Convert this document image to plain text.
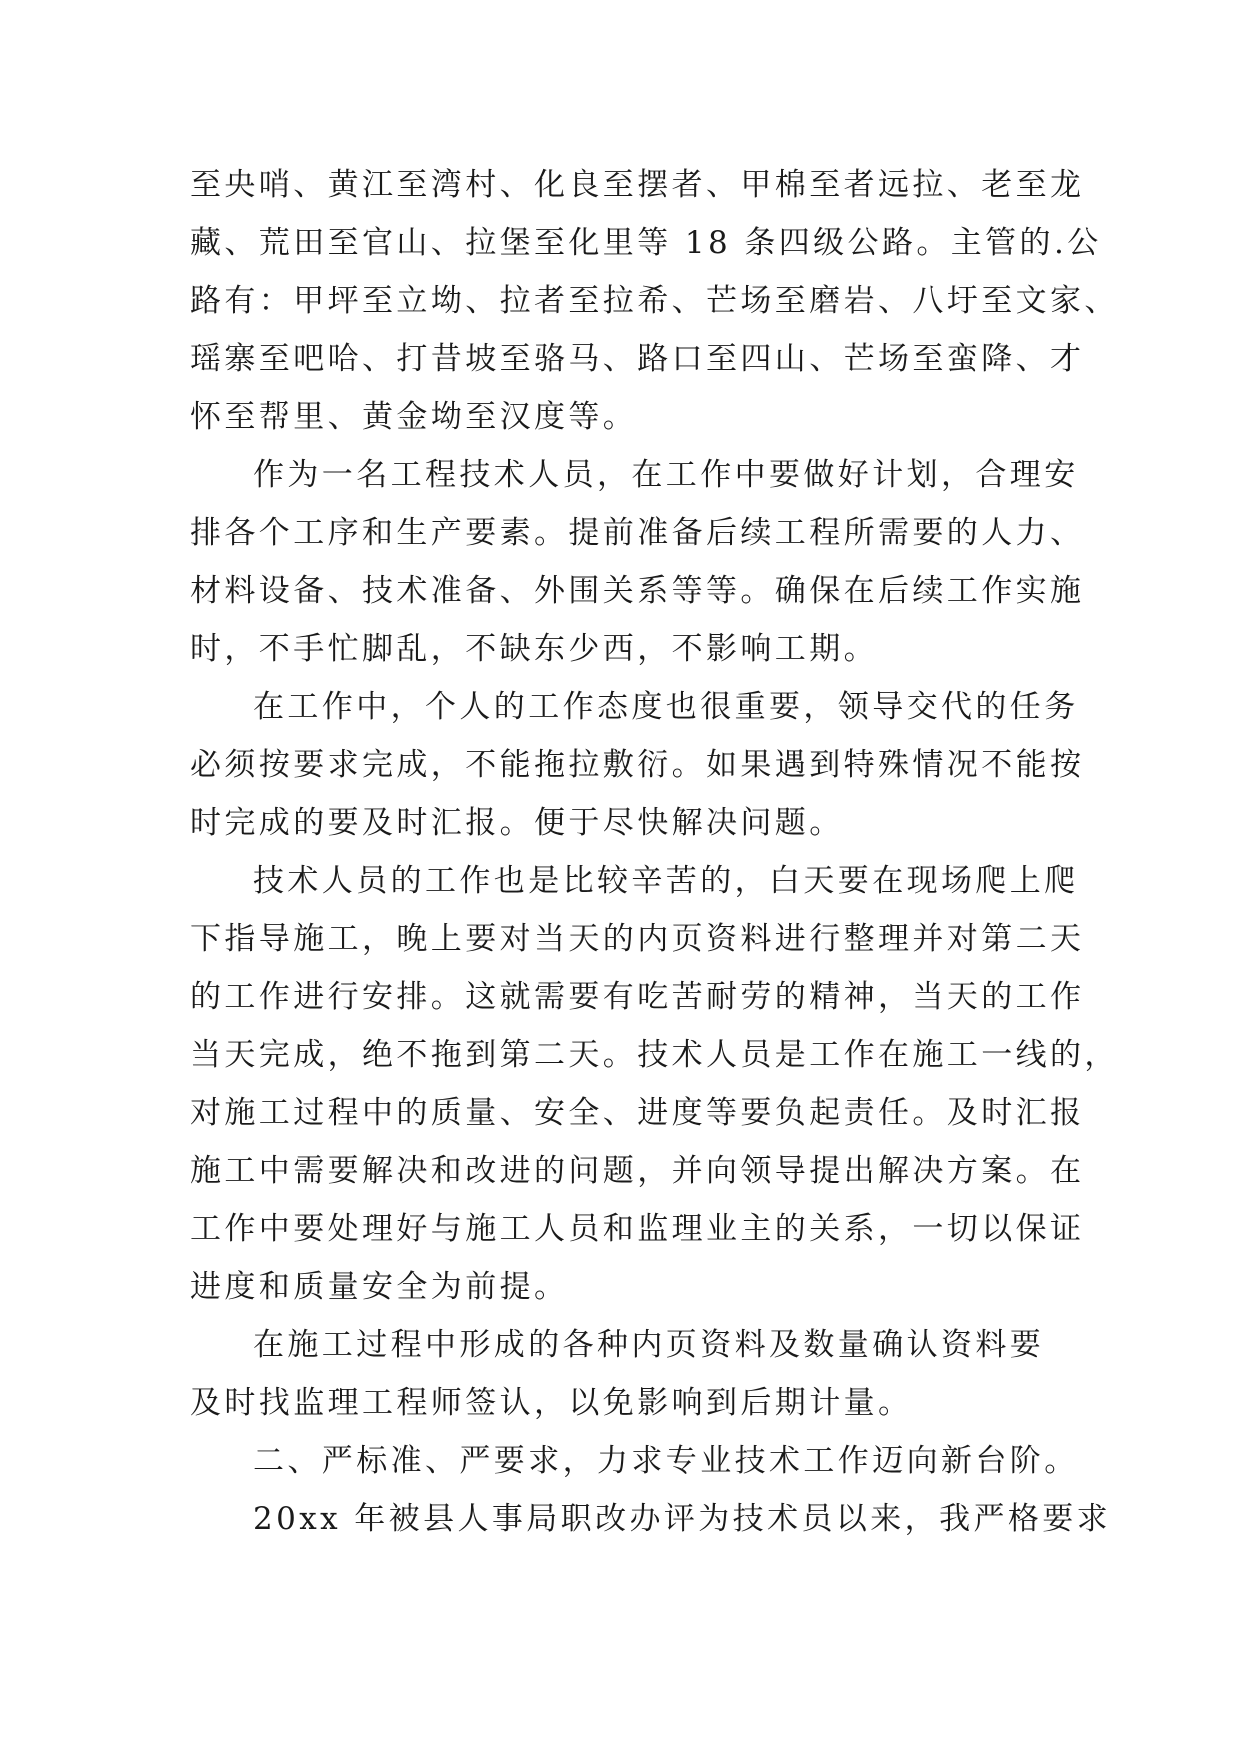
至央哨、黄江至湾村、化良至摆者、甲棉至者远拉、老至龙

藏、荒田至官山、拉堡至化里等 18 条四级公路。主管的.公

路有：甲坪至立坳、拉者至拉希、芒场至磨岩、八圩至文家、

瑶寨至吧哈、打昔坡至骆马、路口至四山、芒场至蛮降、才

怀至帮里、黄金坳至汉度等。

作为一名工程技术人员，在工作中要做好计划，合理安

排各个工序和生产要素。提前准备后续工程所需要的人力、

材料设备、技术准备、外围关系等等。确保在后续工作实施

时，不手忙脚乱，不缺东少西，不影响工期。

在工作中，个人的工作态度也很重要，领导交代的任务

必须按要求完成，不能拖拉敷衍。如果遇到特殊情况不能按

时完成的要及时汇报。便于尽快解决问题。

技术人员的工作也是比较辛苦的，白天要在现场爬上爬

下指导施工，晚上要对当天的内页资料进行整理并对第二天

的工作进行安排。这就需要有吃苦耐劳的精神，当天的工作

当天完成，绝不拖到第二天。技术人员是工作在施工一线的，

对施工过程中的质量、安全、进度等要负起责任。及时汇报

施工中需要解决和改进的问题，并向领导提出解决方案。在

工作中要处理好与施工人员和监理业主的关系，一切以保证

进度和质量安全为前提。

在施工过程中形成的各种内页资料及数量确认资料要

及时找监理工程师签认，以免影响到后期计量。

二、严标准、严要求，力求专业技术工作迈向新台阶。

20xx 年被县人事局职改办评为技术员以来，我严格要求
